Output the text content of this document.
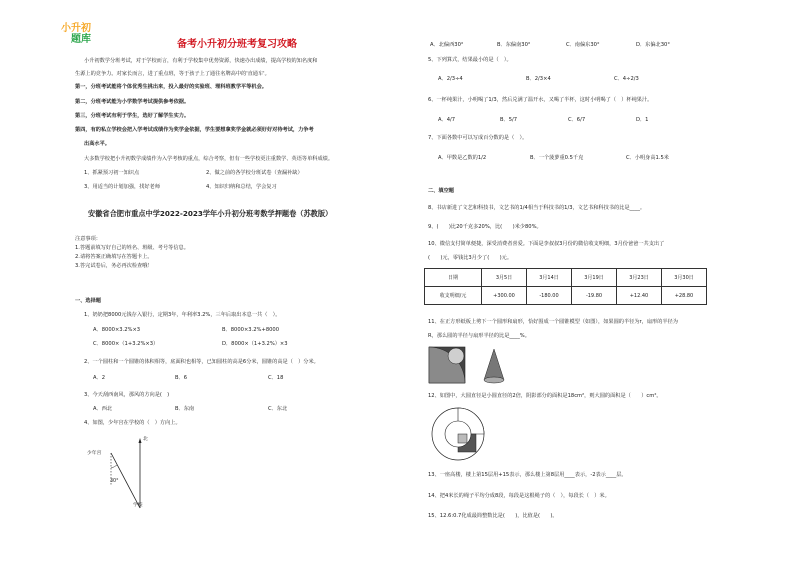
小升初
题库	备考小升初分班考复习攻略
小升初数学分班考试，对于学校而言，有利于学校集中优势资源，快速办出成绩，提高学校的知名度和
生源上的竞争力。对家长而言，进了重点班，等于孩子上了通往名牌高中的'直通车'。
第一，分班考试能将个体优秀生挑出来，投入最好的实验班、理科班教学平等机会。
第二，分班考试能为小学数学考试提供参考依据。
第三，分班考试有利于学生，选好了解学生实力。
第四，有的私立学校会把入学考试成绩作为奖学金依据，学生要想拿奖学金就必须好好对待考试，力争考
出高水平。
大多数学校把小升初数学成绩作为入学考核的重点，综合考察，但有一些学校更注重数学、英语等单科成绩。
1、抓紧预习初一知识点	2、做之前的各学校分班试卷（查漏补缺）
3、用适当的计划加强，找好老师	4、知识归纳和总结，学会复习
安徽省合肥市重点中学2022-2023学年小升初分班考数学押题卷（苏教版）
注意事项：
1.答题前填写好自己的姓名、班级、考号等信息。
2.请将答案正确填写在答题卡上。
3.答完试卷后，务必再次检查哦！
一、选择题
1、奶奶把8000元钱存入银行，定期3年，年利率3.2%，三年后取出本息一共（　）。
A．8000×3.2%×3	B．8000×3.2%+8000
C．8000×（1+3.2%×3）	D．8000×（1+3.2%）×3
2、一个圆柱和一个圆锥的体积相等，底面积也相等，已知圆柱的高是6分米，圆锥的高是（　）分米。
A．2	B．6	C．18
3、今天刮西南风，那风的方向是(　)
A．西北	B．东南	C．东北
4、如图，少年宫在学校的（　）方向上。
北
少年宫
30°
学校
A．北偏西30°	B．东偏南30°	C．南偏东30°	D．东偏北30°
5、下列算式，结果最小的是（　）。
A．2/3÷4	B．2/3×4	C．4÷2/3
6、一杯纯果汁，小明喝了1/3，然后兑满了温开水，又喝了半杯，这时小明喝了（　）杯纯果汁。
A．4/7	B．5/7	C．6/7	D．1
7、下面各数中可以写成百分数的是（　）。
A．甲数是乙数的1/2	B．一个菠萝重0.5千克	C．小明身高1.5米
二、填空题
8、书店新进了文艺和科技书，文艺书的1/4相当于科技书的1/3，文艺书和科技书的比是____。
9、(　　)比20千克多20%，比(　　)米少80%。
10、微信支付简单便捷，深受消费者喜爱。下面是李叔叔3月份的微信收支明细，3月份爸爸一共支出了
(　　)元，零钱比3月少了(　　)元。
日期	3月5日	3月14日	3月19日	3月23日	3月30日
收支明细/元	+300.00	-180.00	-19.80	+12.40	+28.80
11、在正方形纸板上剪下一个圆形和扇形，恰好围成一个圆锥模型（如图），如果圆的半径为r，扇形的半径为
R，那么圆的半径与扇形半径的比是____%。
12、如图中，大圆直径是小圆直径的2倍，阴影部分的面积是18cm²，则大圆的面积是（　　）cm²。
13、一座高楼，楼上第15层用+15表示，那么楼上第8层用____表示，-2表示____层。
14、把4米长的绳子平均分成8段，每段是这根绳子的（　），每段长（　）米。
15、12.6:0.7化成最简整数比是(　　)，比值是(　　)。
